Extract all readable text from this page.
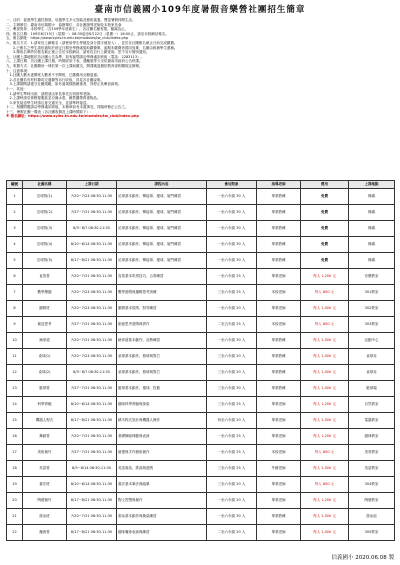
臺南市信義國小109年度暑假音樂營社團招生簡章
一、目的：促進學生適性發展、培養學生多元智能及藝術素養，豐富暑假休閒生活。
二、主辦單位：臺南市信義國小　協辦單位：各社團指導老師及本校家長會
三、參加對象：本校學生（含109學年度新生），各社團名額有限，額滿為止。
四、報名日期：109年6月15日（星期一）08:30起至6月22日（星期一）16:00止，請至本校網站報名。
五、報名網址：https://www.syies.tn.edu.tw/modules/tw_club/index.php
六、報名方式：1.請家長上網報名（請使用學生學號及身分證字號登入），並於各社團報名截止日前完成繳費。
　　2.已報名之學生請依通知於指定日期至學務處領取繳費單，逾期未繳費者視同放棄，名額由候補學生遞補。
　　3.錄取名單將於報名截止後公告於本校網站，請家長自行上網查詢，恕不另行個別通知。
七、社團上課地點依各社團公告為準，如有疑問請洽學務處訓育組（電話：2283113）。
八、上課日期：各社團上課日期、時間詳如下表，遇颱風等天災依臺南市政府公告停課。
九、收費方式：社團費用一律於第一次上課前繳交，開課後退費依教育部相關規定辦理。
十、注意事項：
　1.社團人數未達開班人數者不予開班，已繳費用全額退還。
　2.各社團若有材料費或交通費等另行收取，詳見各社團說明。
　3.上課期間請遵守社團規範，如有違規情節嚴重者，得停止其參加資格。
十一、其他：
　1.請學生準時出席，請假須由家長事先告知指導老師。
　2.上課時請穿著輕便服裝並自備水壺，嚴禁攜帶貴重物品。
　3.家長接送學生時請注意交通安全，並請準時接送。
十二、相關問題請洽學務處訓育組，本簡章如有未盡事宜，得隨時修正公告之。
十三、暑假社團一覽表（各社團收費及上課時間如下）：
※ 報名網址：https://www.syies.tn.edu.tw/modules/tw_club/index.php
編號	社團名稱	上課日期	課程內容	參加對象	指導老師	費用	上課地點
1	足球營(1)	7/20~7/24 08:30-11:30	足球基本動作、傳接球、運球、射門練習	一至六年級 30 人	專業教練	免費	操場
2	足球營(2)	7/27~7/31 08:30-11:30	足球基本動作、傳接球、運球、射門練習	一至六年級 30 人	專業教練	免費	操場
3	足球營(3)	8/3~8/7 08:30-11:30	足球基本動作、傳接球、運球、射門練習	一至六年級 30 人	專業教練	免費	操場
4	足球營(4)	8/10~8/14 08:30-11:30	足球基本動作、傳接球、運球、射門練習	一至六年級 30 人	專業教練	免費	操場
5	足球營(5)	8/17~8/21 08:30-11:30	足球基本動作、傳接球、運球、射門練習	一至六年級 30 人	專業教練	免費	操場
6	直笛營	7/20~7/31 08:30-11:30	直笛基本吹奏技巧、合奏練習	一至六年級 25 人	專業老師	每人 1,200 元	音樂教室
7	數學樂園	7/20~7/24 08:30-11:30	數學遊戲與邏輯思考訓練	三至六年級 25 人	本校老師	每人 800 元	301教室
8	圍棋班	7/20~7/24 08:30-11:30	圍棋基本規則、對弈練習	一至六年級 20 人	專業老師	每人 1,000 元	302教室
9	創造思考	7/27~7/31 08:30-11:30	創意思考遊戲與實作	二至五年級 25 人	本校老師	每人 800 元	303教室
10	跆拳道	7/20~7/31 08:30-11:30	跆拳道基本動作、品勢練習	一至六年級 30 人	專業教練	每人 1,500 元	活動中心
11	桌球(1)	7/20~7/24 08:30-11:30	桌球基本動作、發球與對打	三至六年級 20 人	專業教練	每人 1,000 元	桌球室
12	桌球(2)	8/3~8/7 08:30-11:30	桌球基本動作、發球與對打	三至六年級 20 人	專業教練	每人 1,000 元	桌球室
13	籃球營	7/27~7/31 08:30-11:30	籃球基本動作、運球、投籃	三至六年級 30 人	專業教練	每人 1,000 元	籃球場
14	科學實驗	8/10~8/14 08:30-11:30	趣味科學實驗與探索	三至六年級 25 人	專業老師	每人 1,200 元	自然教室
15	機器人程式	8/17~8/21 08:30-11:30	積木程式設計與機器人操作	四至六年級 20 人	專業老師	每人 1,500 元	電腦教室
16	舞蹈營	7/20~7/31 08:30-11:30	基礎舞蹈律動與表演	一至六年級 25 人	專業老師	每人 1,200 元	韻律教室
17	美術創作	7/27~7/31 08:30-11:30	繪畫與手作藝術創作	一至六年級 25 人	本校老師	每人 800 元	美勞教室
18	英語營	8/3~8/14 08:30-11:30	英語會話、歌曲與遊戲	三至六年級 25 人	外籍老師	每人 1,500 元	英語教室
19	書法班	8/10~8/14 08:30-11:30	書法基本筆法與臨摹	三至六年級 20 人	專業老師	每人 800 元	304教室
20	陶藝創作	8/17~8/21 08:30-11:30	陶土捏塑與創作	一至六年級 20 人	專業老師	每人 1,200 元	陶藝教室
21	游泳班	7/20~7/31 08:30-11:30	游泳基本動作與換氣練習	一至六年級 30 人	專業教練	每人 1,500 元	游泳池
22	魔術營	8/17~8/21 08:30-11:30	趣味魔術表演與練習	二至六年級 20 人	專業老師	每人 1,000 元	305教室
信義國小 2020.06.08 製
